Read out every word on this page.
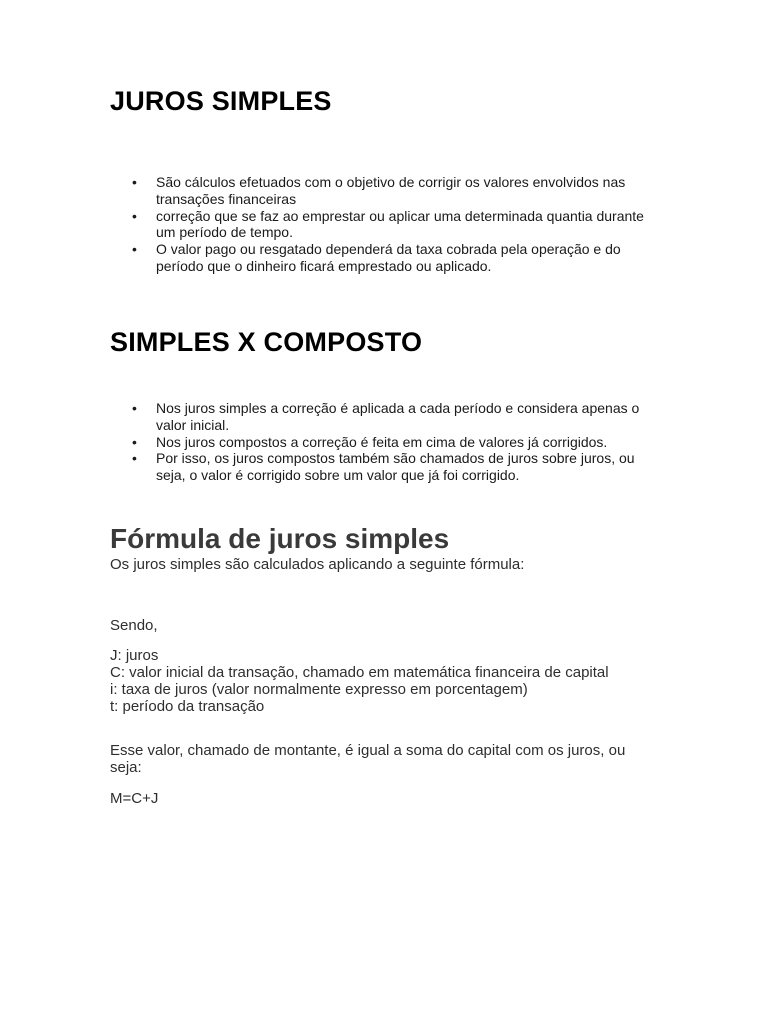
JUROS SIMPLES
• São cálculos efetuados com o objetivo de corrigir os valores envolvidos nas
transações financeiras
• correção que se faz ao emprestar ou aplicar uma determinada quantia durante
um período de tempo.
• O valor pago ou resgatado dependerá da taxa cobrada pela operação e do
período que o dinheiro ficará emprestado ou aplicado.
SIMPLES X COMPOSTO
• Nos juros simples a correção é aplicada a cada período e considera apenas o
valor inicial.
• Nos juros compostos a correção é feita em cima de valores já corrigidos.
• Por isso, os juros compostos também são chamados de juros sobre juros, ou
seja, o valor é corrigido sobre um valor que já foi corrigido.
Fórmula de juros simples

Os juros simples são calculados aplicando a seguinte fórmula:

Sendo,

J: juros
C: valor inicial da transação, chamado em matemática financeira de capital
i: taxa de juros (valor normalmente expresso em porcentagem)
t: período da transação

Esse valor, chamado de montante, é igual a soma do capital com os juros, ou
seja:

M=C+J
